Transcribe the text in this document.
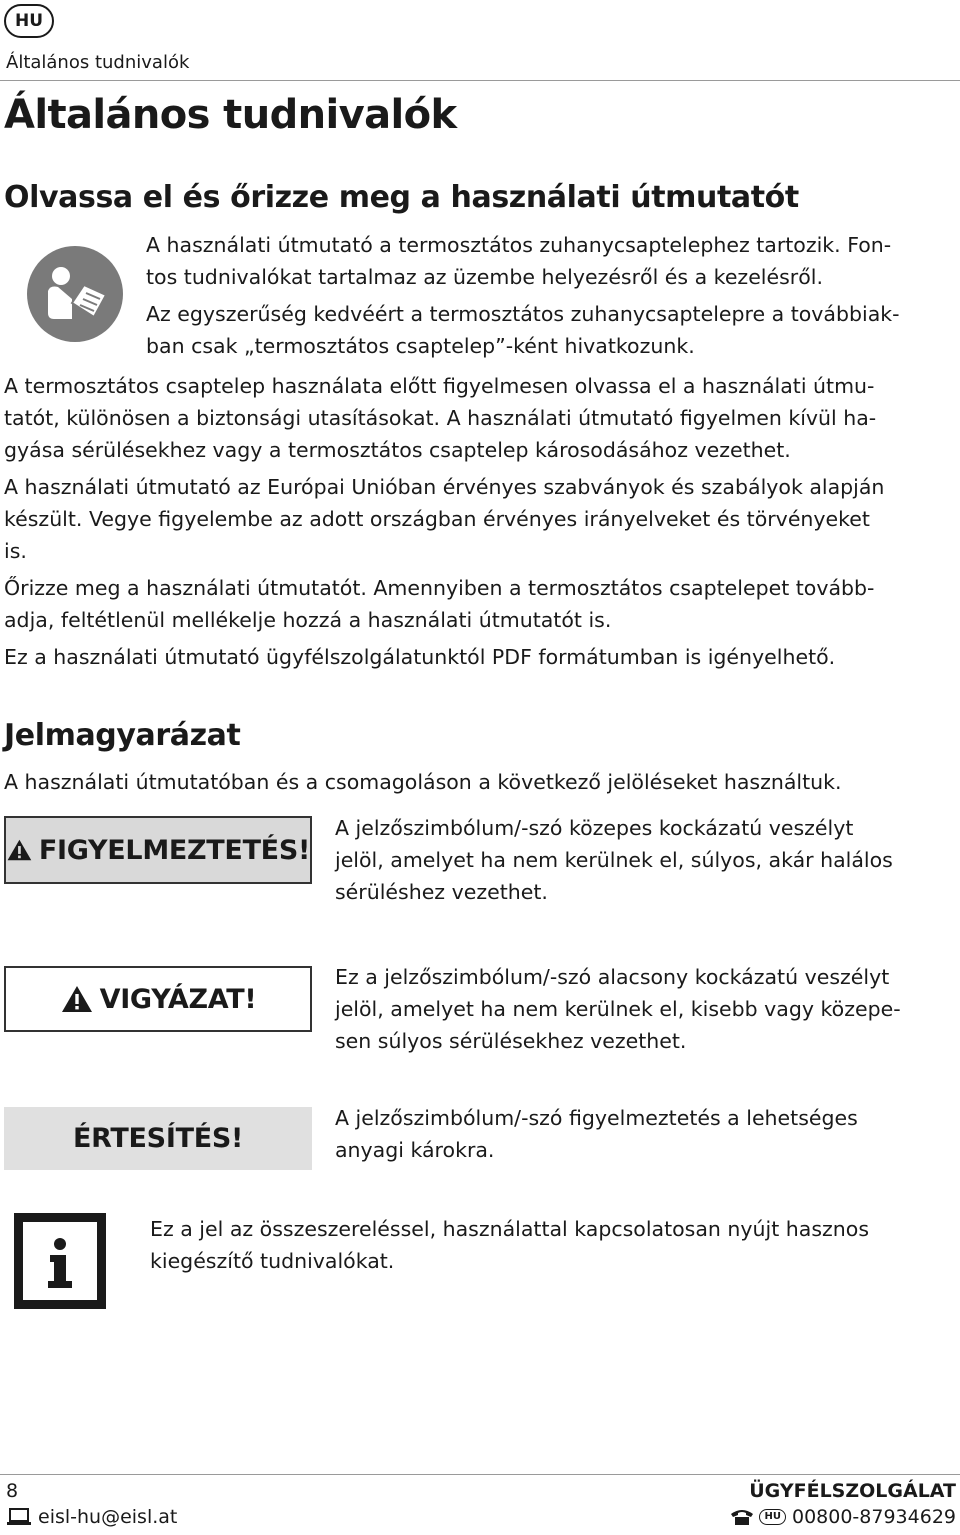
HU
Általános tudnivalók
Általános tudnivalók
Olvassa el és őrizze meg a használati útmutatót
A használati útmutató a termosztátos zuhanycsaptelephez tartozik. Fon-
tos tudnivalókat tartalmaz az üzembe helyezésről és a kezelésről.
Az egyszerűség kedvéért a termosztátos zuhanycsaptelepre a továbbiak-
ban csak „termosztátos csaptelep”-ként hivatkozunk.
A termosztátos csaptelep használata előtt figyelmesen olvassa el a használati útmu-
tatót, különösen a biztonsági utasításokat. A használati útmutató figyelmen kívül ha-
gyása sérülésekhez vagy a termosztátos csaptelep károsodásához vezethet.
A használati útmutató az Európai Unióban érvényes szabványok és szabályok alapján
készült. Vegye figyelembe az adott országban érvényes irányelveket és törvényeket
is.
Őrizze meg a használati útmutatót. Amennyiben a termosztátos csaptelepet tovább-
adja, feltétlenül mellékelje hozzá a használati útmutatót is.
Ez a használati útmutató ügyfélszolgálatunktól PDF formátumban is igényelhető.
Jelmagyarázat
A használati útmutatóban és a csomagoláson a következő jelöléseket használtuk.
FIGYELMEZTETÉS!
A jelzőszimbólum/-szó közepes kockázatú veszélyt
jelöl, amelyet ha nem kerülnek el, súlyos, akár halálos
sérüléshez vezethet.
VIGYÁZAT!
Ez a jelzőszimbólum/-szó alacsony kockázatú veszélyt
jelöl, amelyet ha nem kerülnek el, kisebb vagy közepe-
sen súlyos sérülésekhez vezethet.
ÉRTESÍTÉS!
A jelzőszimbólum/-szó figyelmeztetés a lehetséges
anyagi károkra.
Ez a jel az összeszereléssel, használattal kapcsolatosan nyújt hasznos
kiegészítő tudnivalókat.
8
eisl-hu@eisl.at
ÜGYFÉLSZOLGÁLAT
HU 00800-87934629
